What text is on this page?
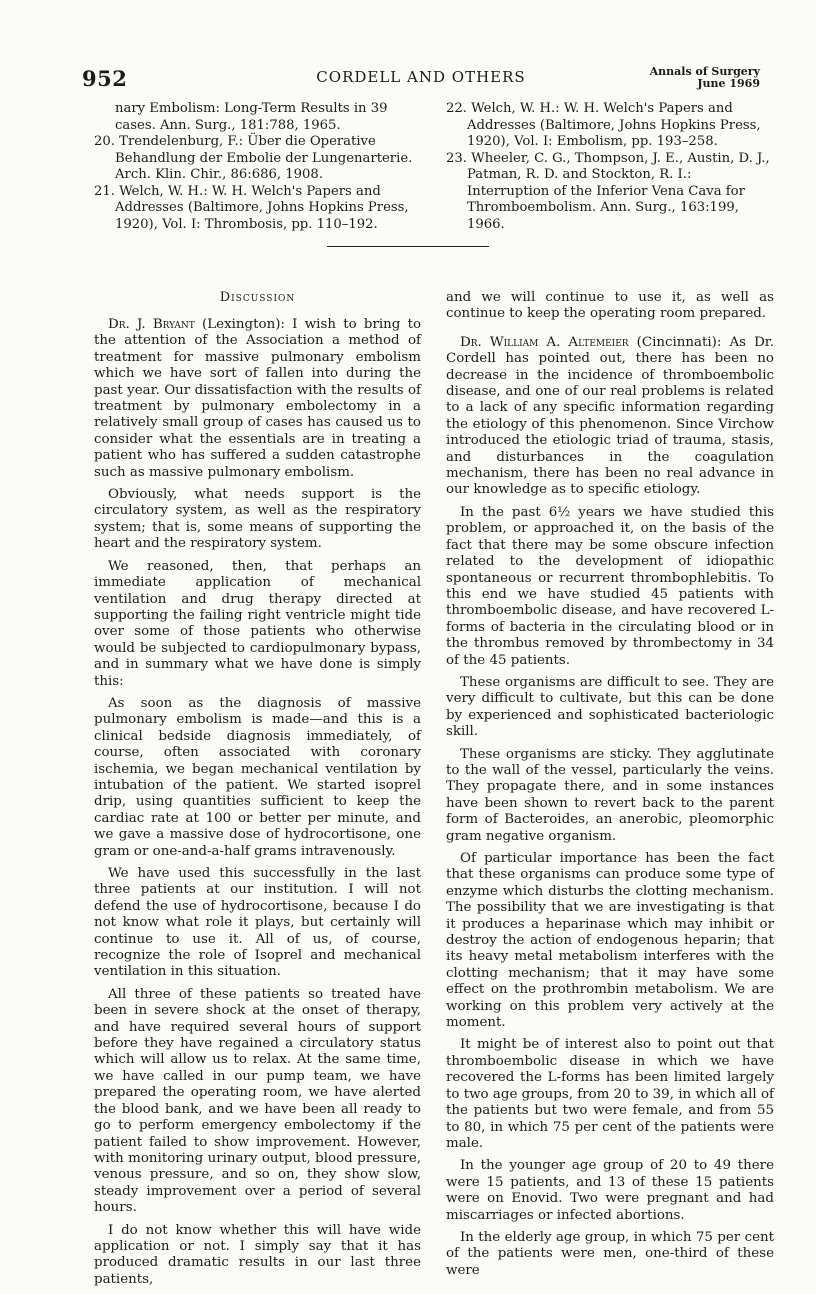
952	CORDELL AND OTHERS	Annals of Surgery
June 1969

nary Embolism: Long-Term Results in 39 cases. Ann. Surg., 181:788, 1965.

20. Trendelenburg, F.: Über die Operative Behandlung der Embolie der Lungenarterie. Arch. Klin. Chir., 86:686, 1908.

21. Welch, W. H.: W. H. Welch's Papers and Addresses (Baltimore, Johns Hopkins Press, 1920), Vol. I: Thrombosis, pp. 110–192.

22. Welch, W. H.: W. H. Welch's Papers and Addresses (Baltimore, Johns Hopkins Press, 1920), Vol. I: Embolism, pp. 193–258.

23. Wheeler, C. G., Thompson, J. E., Austin, D. J., Patman, R. D. and Stockton, R. I.: Interruption of the Inferior Vena Cava for Thromboembolism. Ann. Surg., 163:199, 1966.

Discussion

Dr. J. Bryant (Lexington): I wish to bring to the attention of the Association a method of treatment for massive pulmonary embolism which we have sort of fallen into during the past year. Our dissatisfaction with the results of treatment by pulmonary embolectomy in a relatively small group of cases has caused us to consider what the essentials are in treating a patient who has suffered a sudden catastrophe such as massive pulmonary embolism.

Obviously, what needs support is the circulatory system, as well as the respiratory system; that is, some means of supporting the heart and the respiratory system.

We reasoned, then, that perhaps an immediate application of mechanical ventilation and drug therapy directed at supporting the failing right ventricle might tide over some of those patients who otherwise would be subjected to cardiopulmonary bypass, and in summary what we have done is simply this:

As soon as the diagnosis of massive pulmonary embolism is made—and this is a clinical bedside diagnosis immediately, of course, often associated with coronary ischemia, we began mechanical ventilation by intubation of the patient. We started isoprel drip, using quantities sufficient to keep the cardiac rate at 100 or better per minute, and we gave a massive dose of hydrocortisone, one gram or one-and-a-half grams intravenously.

We have used this successfully in the last three patients at our institution. I will not defend the use of hydrocortisone, because I do not know what role it plays, but certainly will continue to use it. All of us, of course, recognize the role of Isoprel and mechanical ventilation in this situation.

All three of these patients so treated have been in severe shock at the onset of therapy, and have required several hours of support before they have regained a circulatory status which will allow us to relax. At the same time, we have called in our pump team, we have prepared the operating room, we have alerted the blood bank, and we have been all ready to go to perform emergency embolectomy if the patient failed to show improvement. However, with monitoring urinary output, blood pressure, venous pressure, and so on, they show slow, steady improvement over a period of several hours.

I do not know whether this will have wide application or not. I simply say that it has produced dramatic results in our last three patients,

and we will continue to use it, as well as continue to keep the operating room prepared.

Dr. William A. Altemeier (Cincinnati): As Dr. Cordell has pointed out, there has been no decrease in the incidence of thromboembolic disease, and one of our real problems is related to a lack of any specific information regarding the etiology of this phenomenon. Since Virchow introduced the etiologic triad of trauma, stasis, and disturbances in the coagulation mechanism, there has been no real advance in our knowledge as to specific etiology.

In the past 6½ years we have studied this problem, or approached it, on the basis of the fact that there may be some obscure infection related to the development of idiopathic spontaneous or recurrent thrombophlebitis. To this end we have studied 45 patients with thromboembolic disease, and have recovered L-forms of bacteria in the circulating blood or in the thrombus removed by thrombectomy in 34 of the 45 patients.

These organisms are difficult to see. They are very difficult to cultivate, but this can be done by experienced and sophisticated bacteriologic skill.

These organisms are sticky. They agglutinate to the wall of the vessel, particularly the veins. They propagate there, and in some instances have been shown to revert back to the parent form of Bacteroides, an anerobic, pleomorphic gram negative organism.

Of particular importance has been the fact that these organisms can produce some type of enzyme which disturbs the clotting mechanism. The possibility that we are investigating is that it produces a heparinase which may inhibit or destroy the action of endogenous heparin; that its heavy metal metabolism interferes with the clotting mechanism; that it may have some effect on the prothrombin metabolism. We are working on this problem very actively at the moment.

It might be of interest also to point out that thromboembolic disease in which we have recovered the L-forms has been limited largely to two age groups, from 20 to 39, in which all of the patients but two were female, and from 55 to 80, in which 75 per cent of the patients were male.

In the younger age group of 20 to 49 there were 15 patients, and 13 of these 15 patients were on Enovid. Two were pregnant and had miscarriages or infected abortions.

In the elderly age group, in which 75 per cent of the patients were men, one-third of these were
